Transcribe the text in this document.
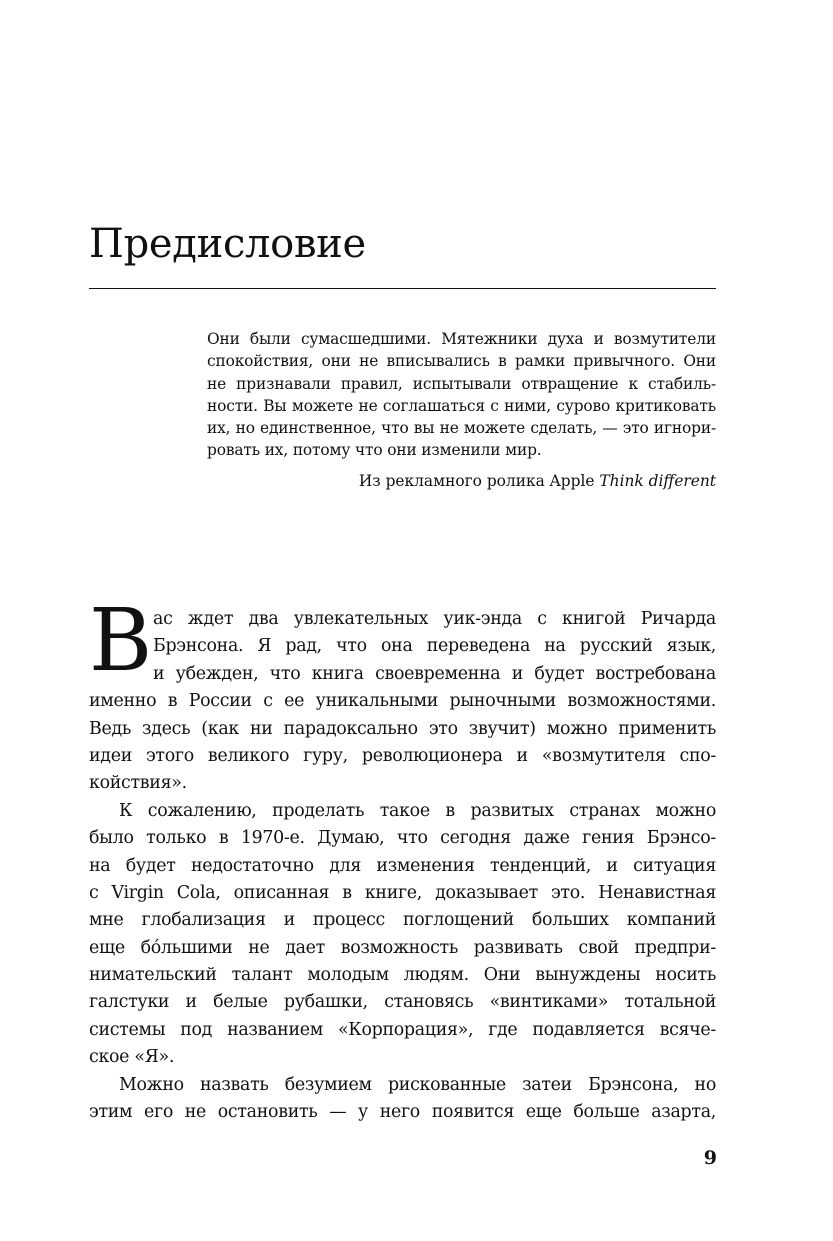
Предисловие
Они были сумасшедшими. Мятежники духа и возмутители
спокойствия, они не вписывались в рамки привычного. Они
не признавали правил, испытывали отвращение к стабиль-
ности. Вы можете не соглашаться с ними, сурово критиковать
их, но единственное, что вы не можете сделать, — это игнори-
ровать их, потому что они изменили мир.
Из рекламного ролика Apple Think different
В ас ждет два увлекательных уик-энда с книгой Ричарда
Брэнсона. Я рад, что она переведена на русский язык,
и убежден, что книга своевременна и будет востребована
именно в России с ее уникальными рыночными возможностями.
Ведь здесь (как ни парадоксально это звучит) можно применить
идеи этого великого гуру, революционера и «возмутителя спо-
койствия».
К сожалению, проделать такое в развитых странах можно
было только в 1970-е. Думаю, что сегодня даже гения Брэнсо-
на будет недостаточно для изменения тенденций, и ситуация
с Virgin Cola, описанная в книге, доказывает это. Ненавистная
мне глобализация и процесс поглощений больших компаний
еще бóльшими не дает возможность развивать свой предпри-
нимательский талант молодым людям. Они вынуждены носить
галстуки и белые рубашки, становясь «винтиками» тотальной
системы под названием «Корпорация», где подавляется всяче-
ское «Я».
Можно назвать безумием рискованные затеи Брэнсона, но
этим его не остановить — у него появится еще больше азарта,
9
